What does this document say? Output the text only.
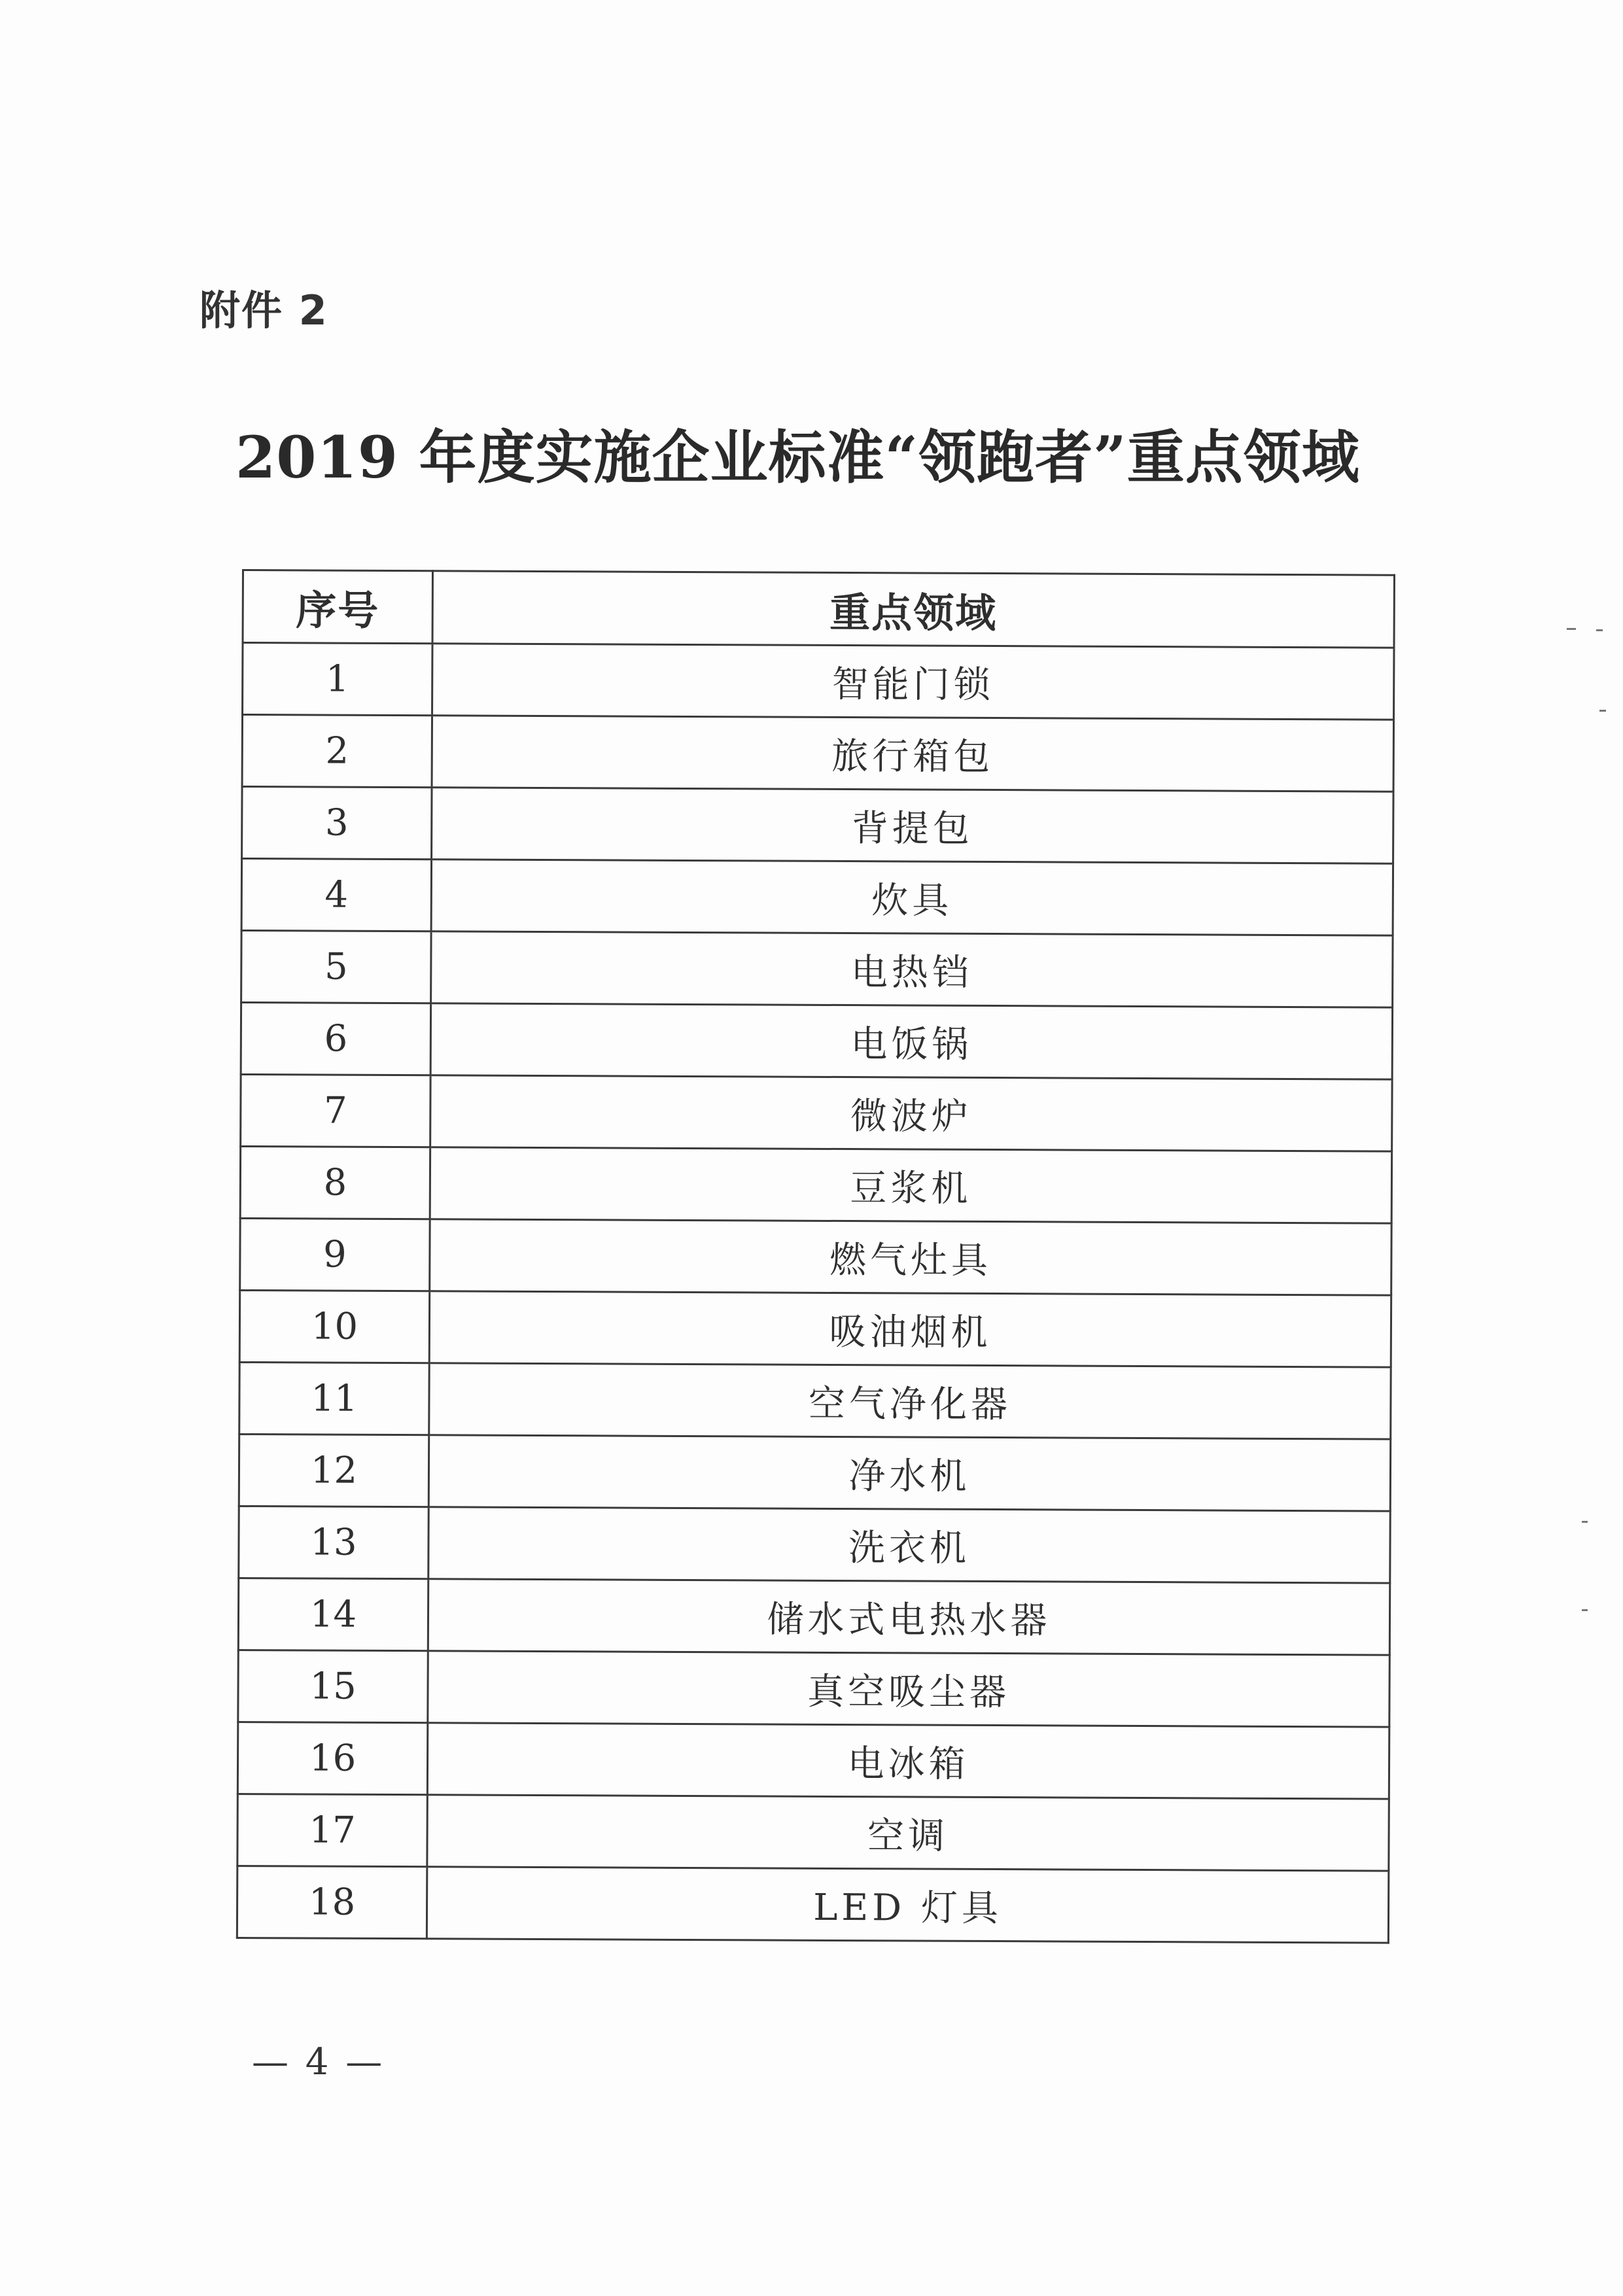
附件 2
2019 年度实施企业标准“领跑者”重点领域
序号	重点领域
1	智能门锁
2	旅行箱包
3	背提包
4	炊具
5	电热铛
6	电饭锅
7	微波炉
8	豆浆机
9	燃气灶具
10	吸油烟机
11	空气净化器
12	净水机
13	洗衣机
14	储水式电热水器
15	真空吸尘器
16	电冰箱
17	空调
18	LED 灯具
— 4 —
